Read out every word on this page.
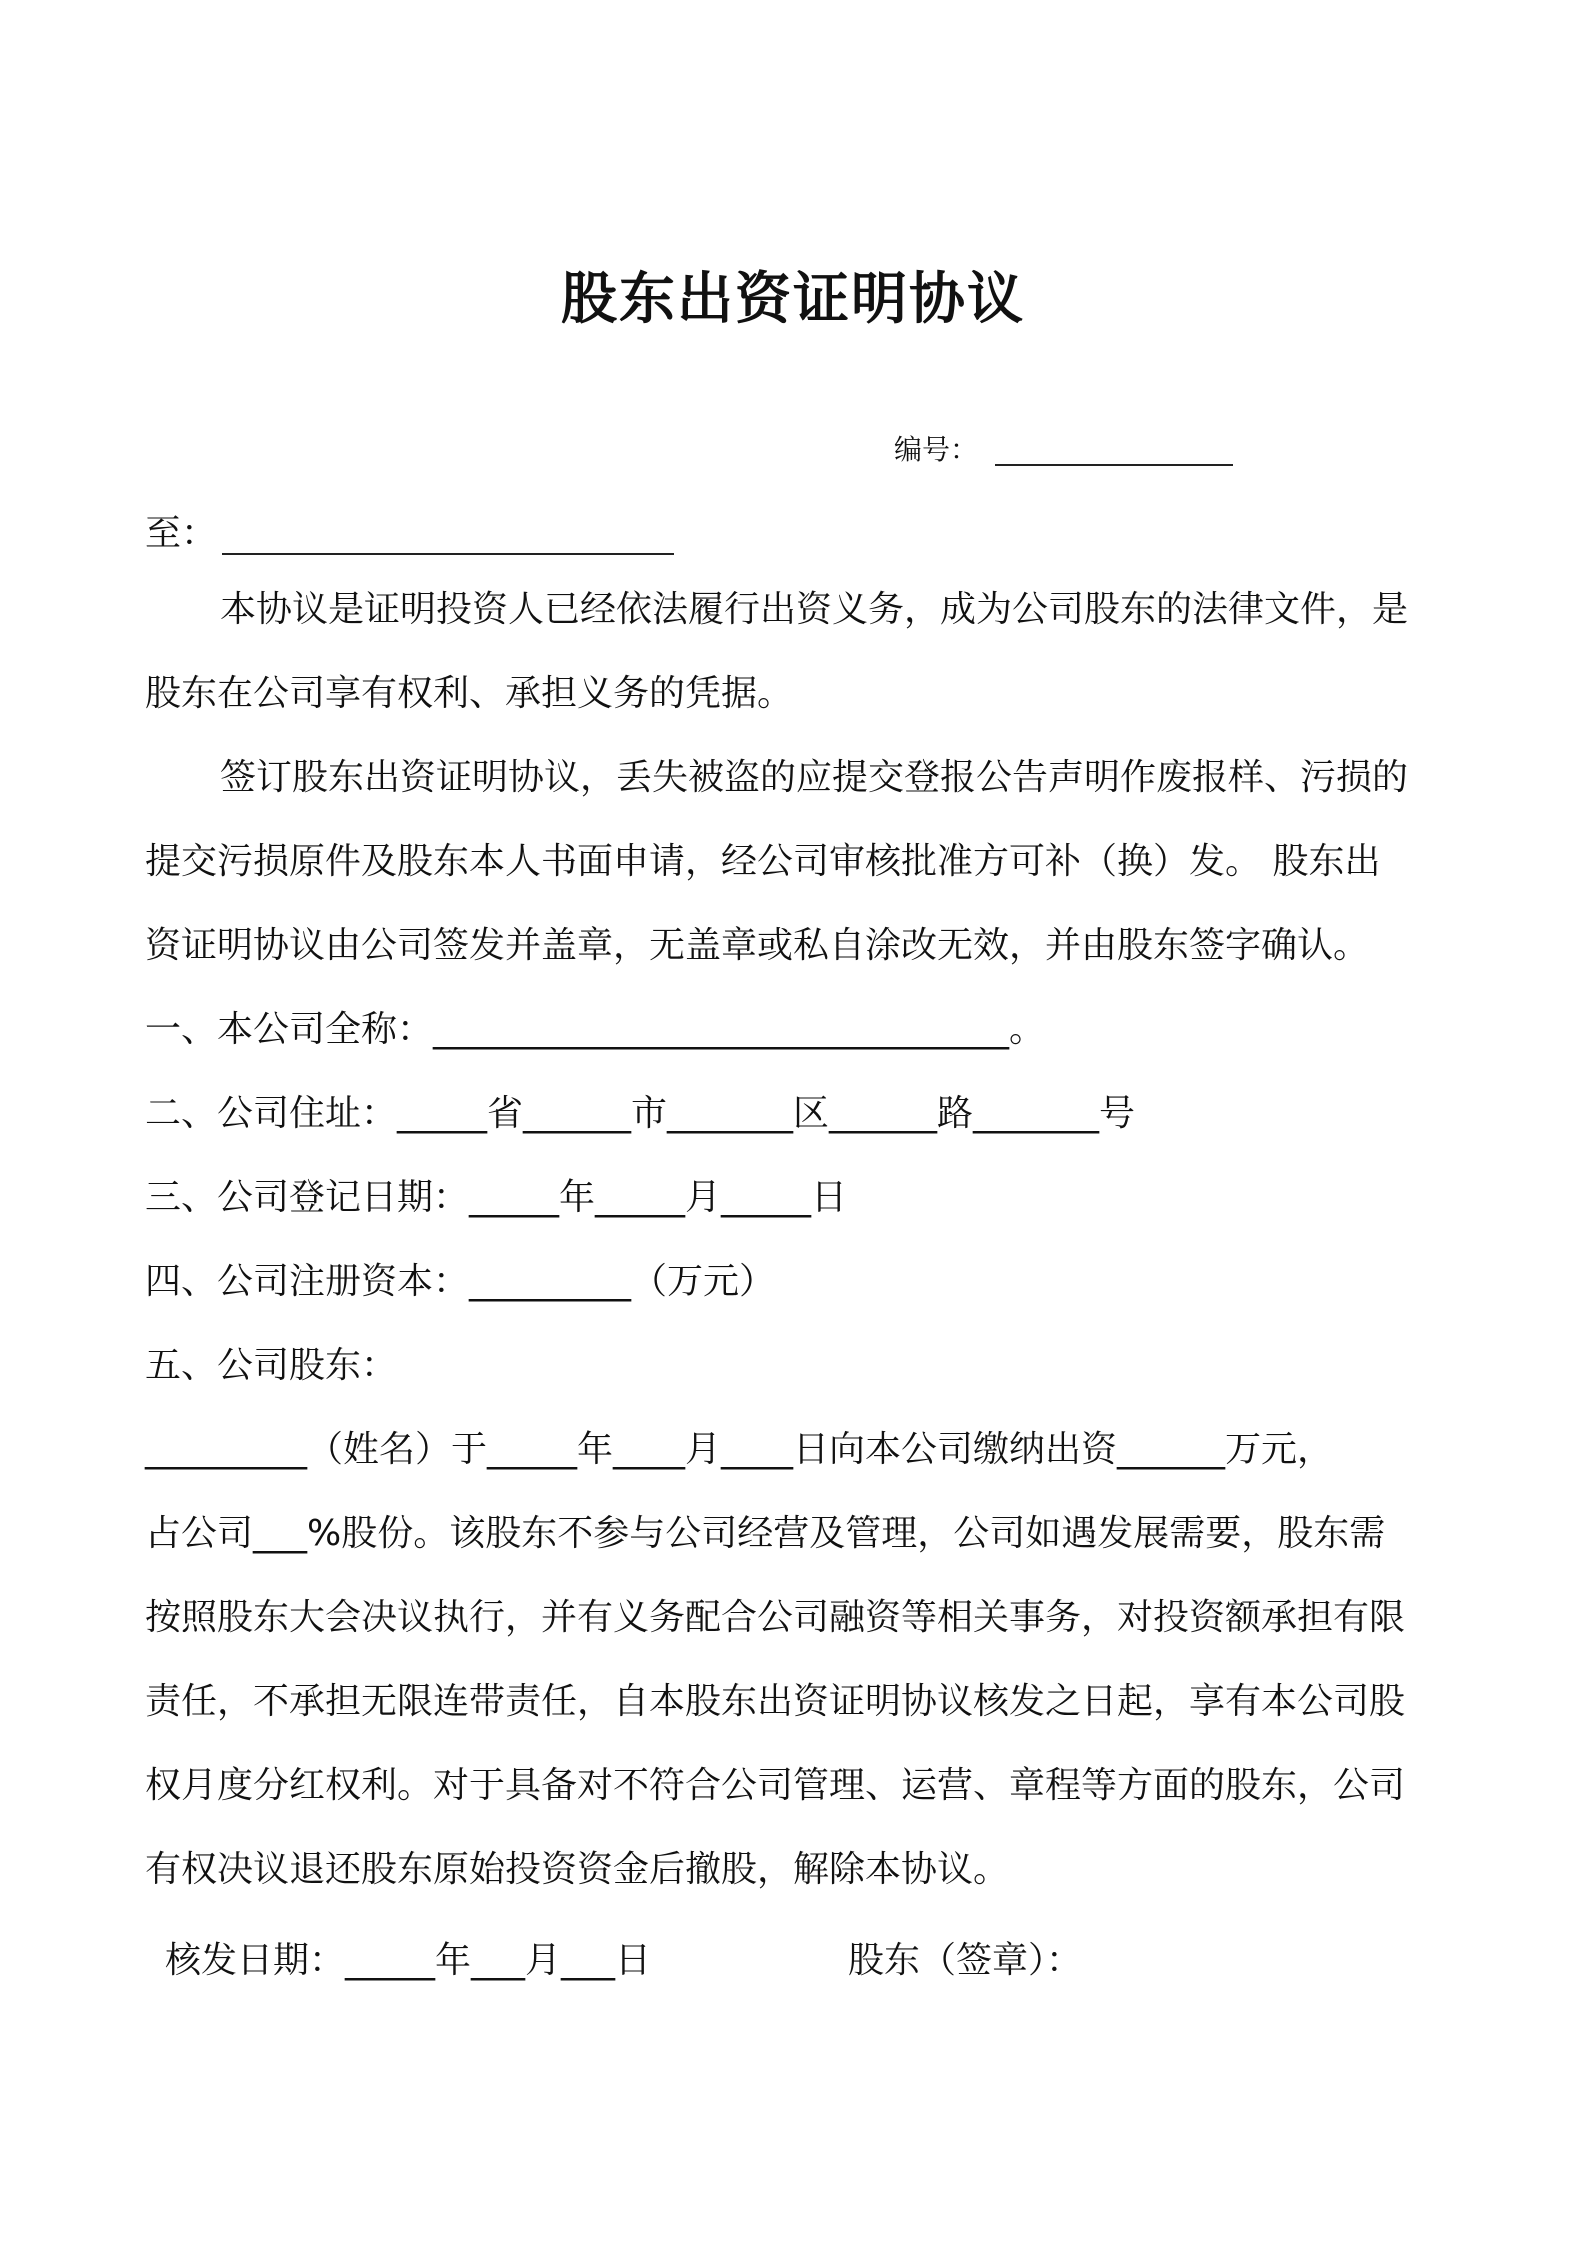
股东出资证明协议
编号：
至：
本协议是证明投资人已经依法履行出资义务，成为公司股东的法律文件，是
股东在公司享有权利、承担义务的凭据。
签订股东出资证明协议，丢失被盗的应提交登报公告声明作废报样、污损的
提交污损原件及股东本人书面申请，经公司审核批准方可补（换）发。 股东出
资证明协议由公司签发并盖章，无盖章或私自涂改无效，并由股东签字确认。
一、本公司全称：________________________________。
二、公司住址：_____省______市_______区______路_______号
三、公司登记日期：_____年_____月_____日
四、公司注册资本：_________（万元）
五、公司股东：
_________（姓名）于_____年____月____日向本公司缴纳出资______万元，
占公司___%股份。该股东不参与公司经营及管理，公司如遇发展需要，股东需
按照股东大会决议执行，并有义务配合公司融资等相关事务，对投资额承担有限
责任，不承担无限连带责任，自本股东出资证明协议核发之日起，享有本公司股
权月度分红权利。对于具备对不符合公司管理、运营、章程等方面的股东，公司
有权决议退还股东原始投资资金后撤股，解除本协议。
核发日期：_____年___月___日	股东（签章）：
